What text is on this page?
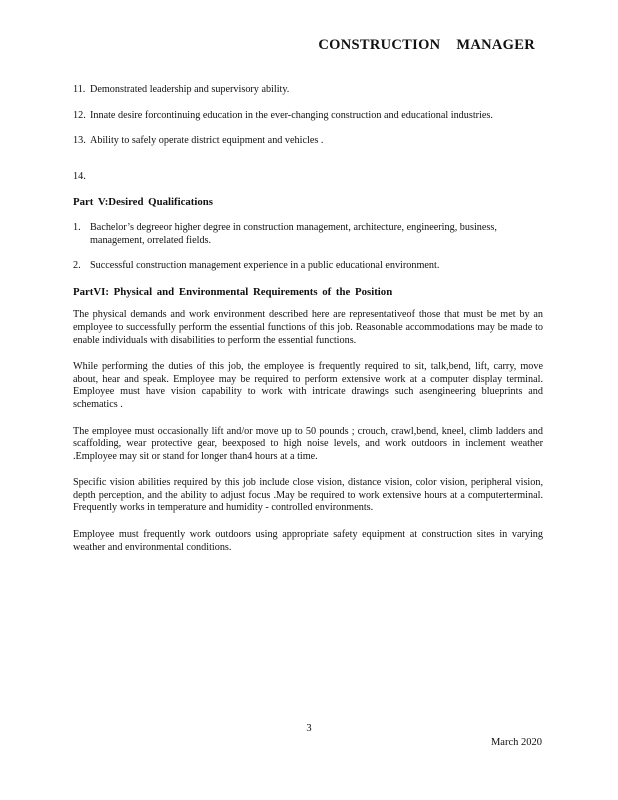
CONSTRUCTION MANAGER
11. Demonstrated leadership and supervisory ability.
12. Innate desire forcontinuing education in the ever-changing construction and educational industries.
13. Ability to safely operate district equipment and vehicles .
14.
Part V:Desired Qualifications
1. Bachelor’s degreeor higher degree in construction management, architecture, engineering, business, management, orrelated fields.
2. Successful construction management experience in a public educational environment.
PartVI: Physical and Environmental Requirements of the Position

The physical demands and work environment described here are representativeof those that must be met by an employee to successfully perform the essential functions of this job. Reasonable accommodations may be made to enable individuals with disabilities to perform the essential functions.

While performing the duties of this job, the employee is frequently required to sit, talk,bend, lift, carry, move about, hear and speak. Employee may be required to perform extensive work at a computer display terminal. Employee must have vision capability to work with intricate drawings such asengineering blueprints and schematics .

The employee must occasionally lift and/or move up to 50 pounds ; crouch, crawl,bend, kneel, climb ladders and scaffolding, wear protective gear, beexposed to high noise levels, and work outdoors in inclement weather .Employee may sit or stand for longer than4 hours at a time.

Specific vision abilities required by this job include close vision, distance vision, color vision, peripheral vision, depth perception, and the ability to adjust focus .May be required to work extensive hours at a computerterminal. Frequently works in temperature and humidity - controlled environments.

Employee must frequently work outdoors using appropriate safety equipment at construction sites in varying weather and environmental conditions.

3
March 2020
